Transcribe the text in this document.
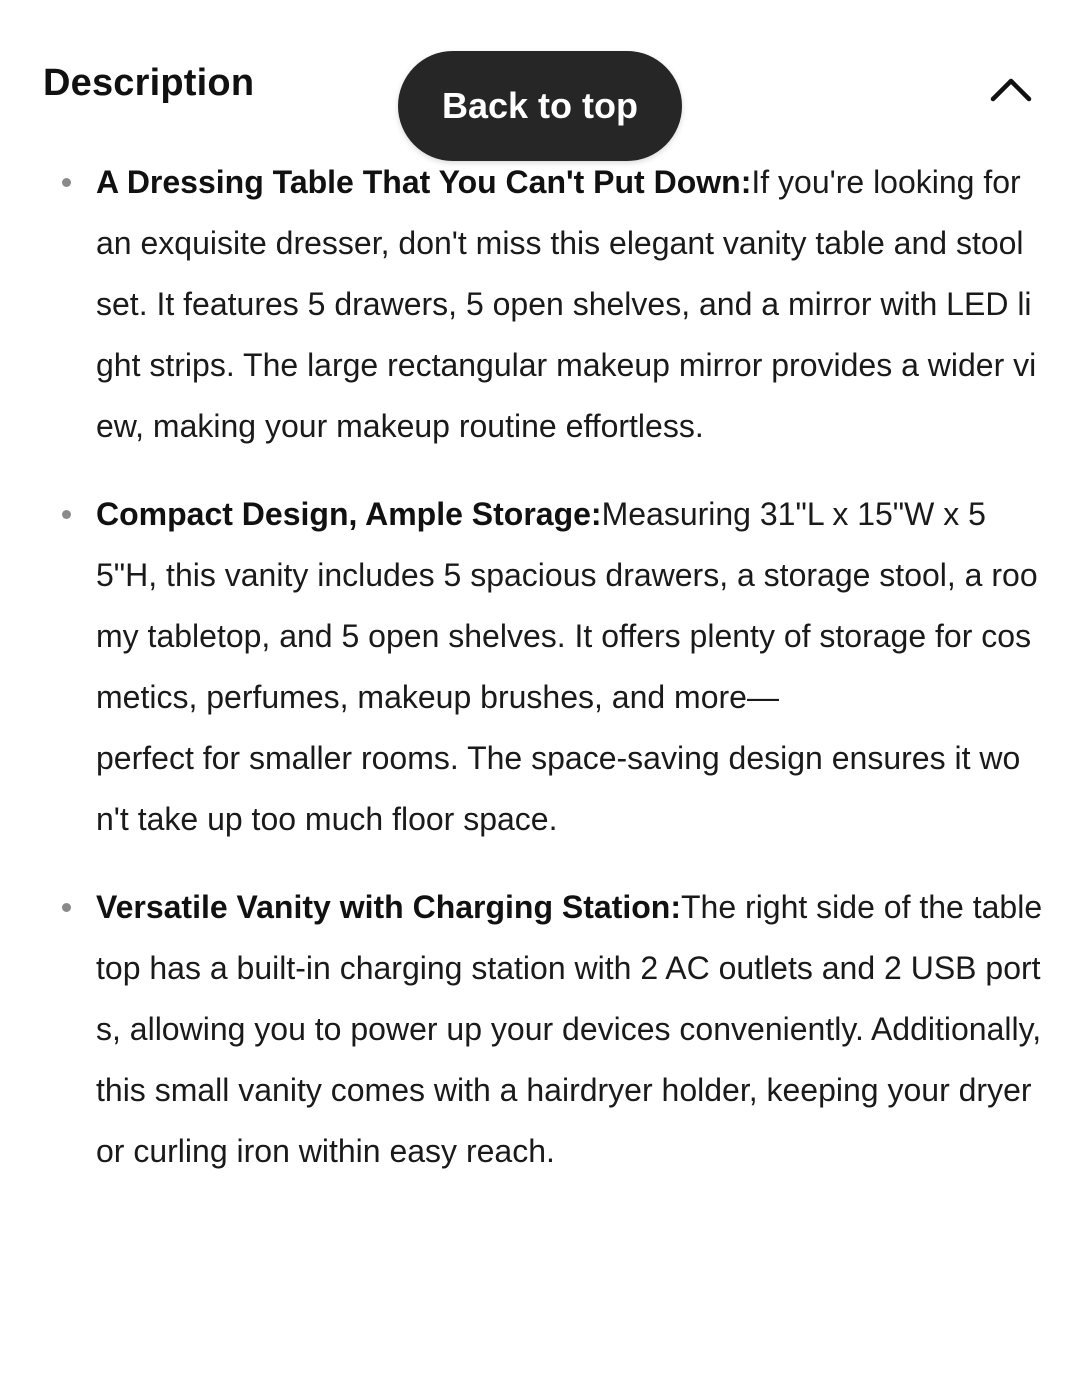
Description
Back to top
A Dressing Table That You Can't Put Down:If you're looking for an exquisite dresser, don't miss this elegant vanity table and stool set. It features 5 drawers, 5 open shelves, and a mirror with LED light strips. The large rectangular makeup mirror provides a wider view, making your makeup routine effortless.
Compact Design, Ample Storage:Measuring 31"L x 15"W x 55"H, this vanity includes 5 spacious drawers, a storage stool, a roomy tabletop, and 5 open shelves. It offers plenty of storage for cosmetics, perfumes, makeup brushes, and more—
perfect for smaller rooms. The space-saving design ensures it won't take up too much floor space.
Versatile Vanity with Charging Station:The right side of the tabletop has a built-in charging station with 2 AC outlets and 2 USB ports, allowing you to power up your devices conveniently. Additionally, this small vanity comes with a hairdryer holder, keeping your dryer or curling iron within easy reach.
